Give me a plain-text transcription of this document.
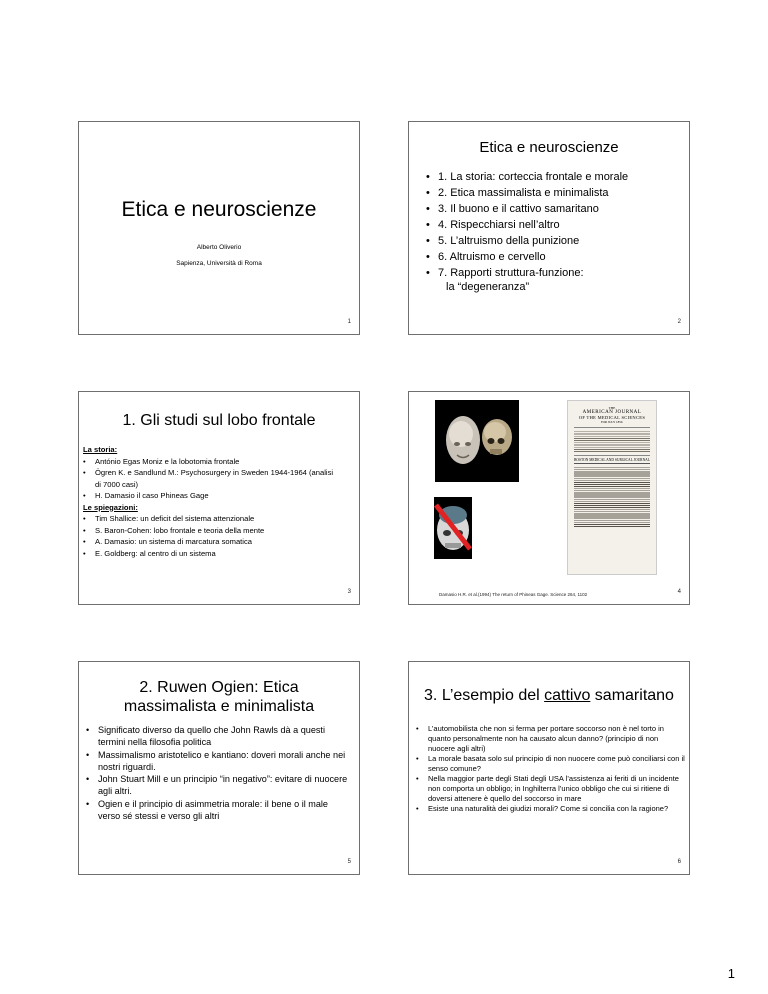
Etica e neuroscienze
Alberto Oliverio
Sapienza, Università di Roma
1
Etica e neuroscienze
• 1. La storia: corteccia frontale e morale
• 2. Etica massimalista e minimalista
• 3. Il buono e il cattivo samaritano
• 4. Rispecchiarsi nell’altro
• 5. L’altruismo della punizione
• 6. Altruismo e cervello
• 7. Rapporti struttura-funzione:
la “degeneranza”
2
1. Gli studi sul lobo frontale
La storia:
• António Egas Moniz e la lobotomia frontale
• Ögren K. e Sandlund M.: Psychosurgery in Sweden 1944-1964 (analisi di 7000 casi)
• H. Damasio il caso Phineas Gage
Le spiegazioni:
• Tim Shallice: un deficit del sistema attenzionale
• S. Baron-Cohen: lobo frontale e teoria della mente
• A. Damasio: un sistema di marcatura somatica
• E. Goldberg: al centro di un sistema
3
THE
AMERICAN JOURNAL
OF THE MEDICAL SCIENCES
FOR JULY 1850.
BOSTON MEDICAL AND SURGICAL JOURNAL
Damasio H.R. et al.(1994) The return of Phineas Gage. Science 264, 1102	4
2. Ruwen Ogien: Etica
massimalista e minimalista
• Significato diverso da quello che John Rawls dà a questi termini nella filosofia politica
• Massimalismo aristotelico e kantiano: doveri morali anche nei nostri riguardi.
• John Stuart Mill e un principio “in negativo”: evitare di nuocere agli altri.
• Ogien e il principio di asimmetria morale: il bene o il male verso sé stessi e verso gli altri
5
3. L’esempio del cattivo samaritano
• L’automobilista che non si ferma per portare soccorso non è nel torto in quanto personalmente non ha causato alcun danno? (principio di non nuocere agli altri)
• La morale basata solo sul principio di non nuocere come può conciliarsi con il senso comune?
• Nella maggior parte degli Stati degli USA l’assistenza ai feriti di un incidente non comporta un obbligo; in Inghilterra l’unico obbligo che cui si ritiene di doversi attenere è quello del soccorso in mare
• Esiste una naturalità dei giudizi morali? Come si concilia con la ragione?
6
1
